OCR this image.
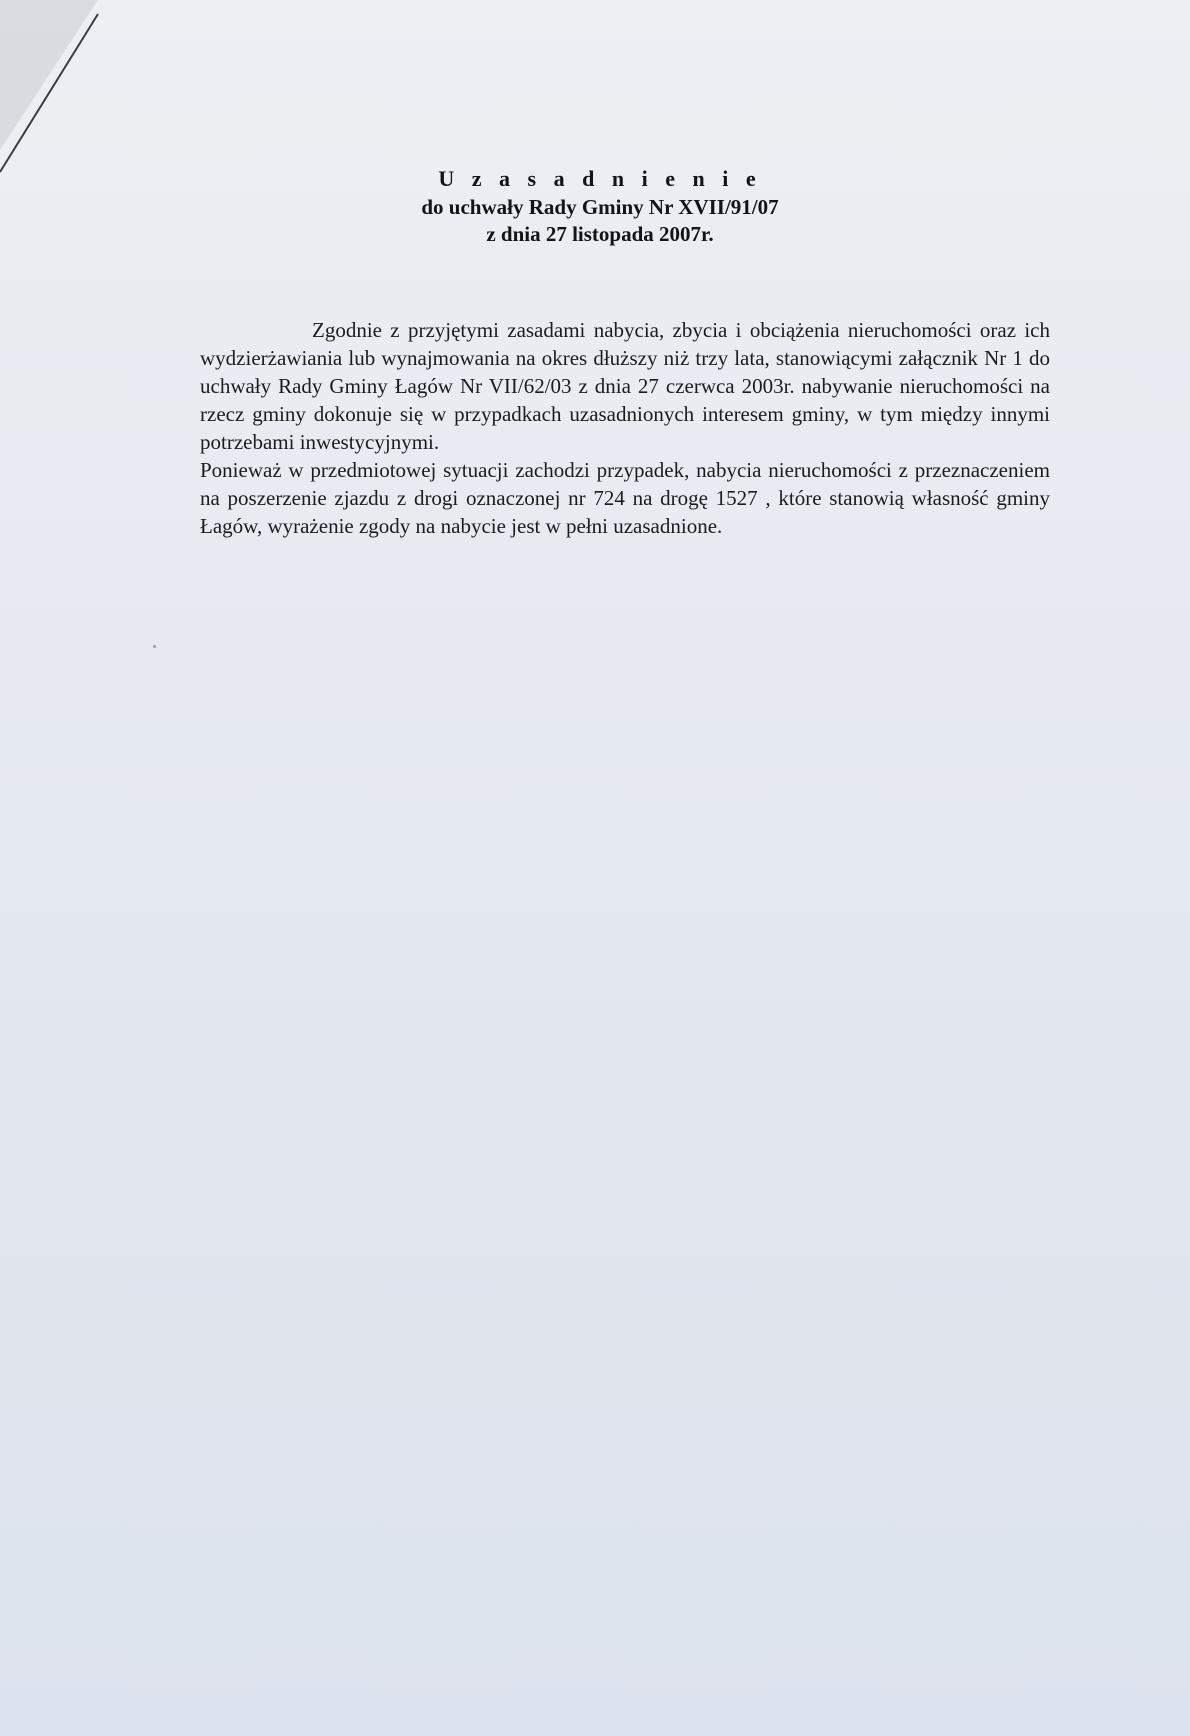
U z a s a d n i e n i e
do uchwały Rady Gminy Nr XVII/91/07
z dnia 27 listopada 2007r.

Zgodnie z przyjętymi zasadami nabycia, zbycia i obciążenia nieruchomości oraz ich wydzierżawiania lub wynajmowania na okres dłuższy niż trzy lata, stanowiącymi załącznik Nr 1 do uchwały Rady Gminy Łagów Nr VII/62/03 z dnia 27 czerwca 2003r. nabywanie nieruchomości na rzecz gminy dokonuje się w przypadkach uzasadnionych interesem gminy, w tym między innymi potrzebami inwestycyjnymi.

Ponieważ w przedmiotowej sytuacji zachodzi przypadek, nabycia nieruchomości z przeznaczeniem na poszerzenie zjazdu z drogi oznaczonej nr 724 na drogę 1527 , które stanowią własność gminy Łagów, wyrażenie zgody na nabycie jest w pełni uzasadnione.
